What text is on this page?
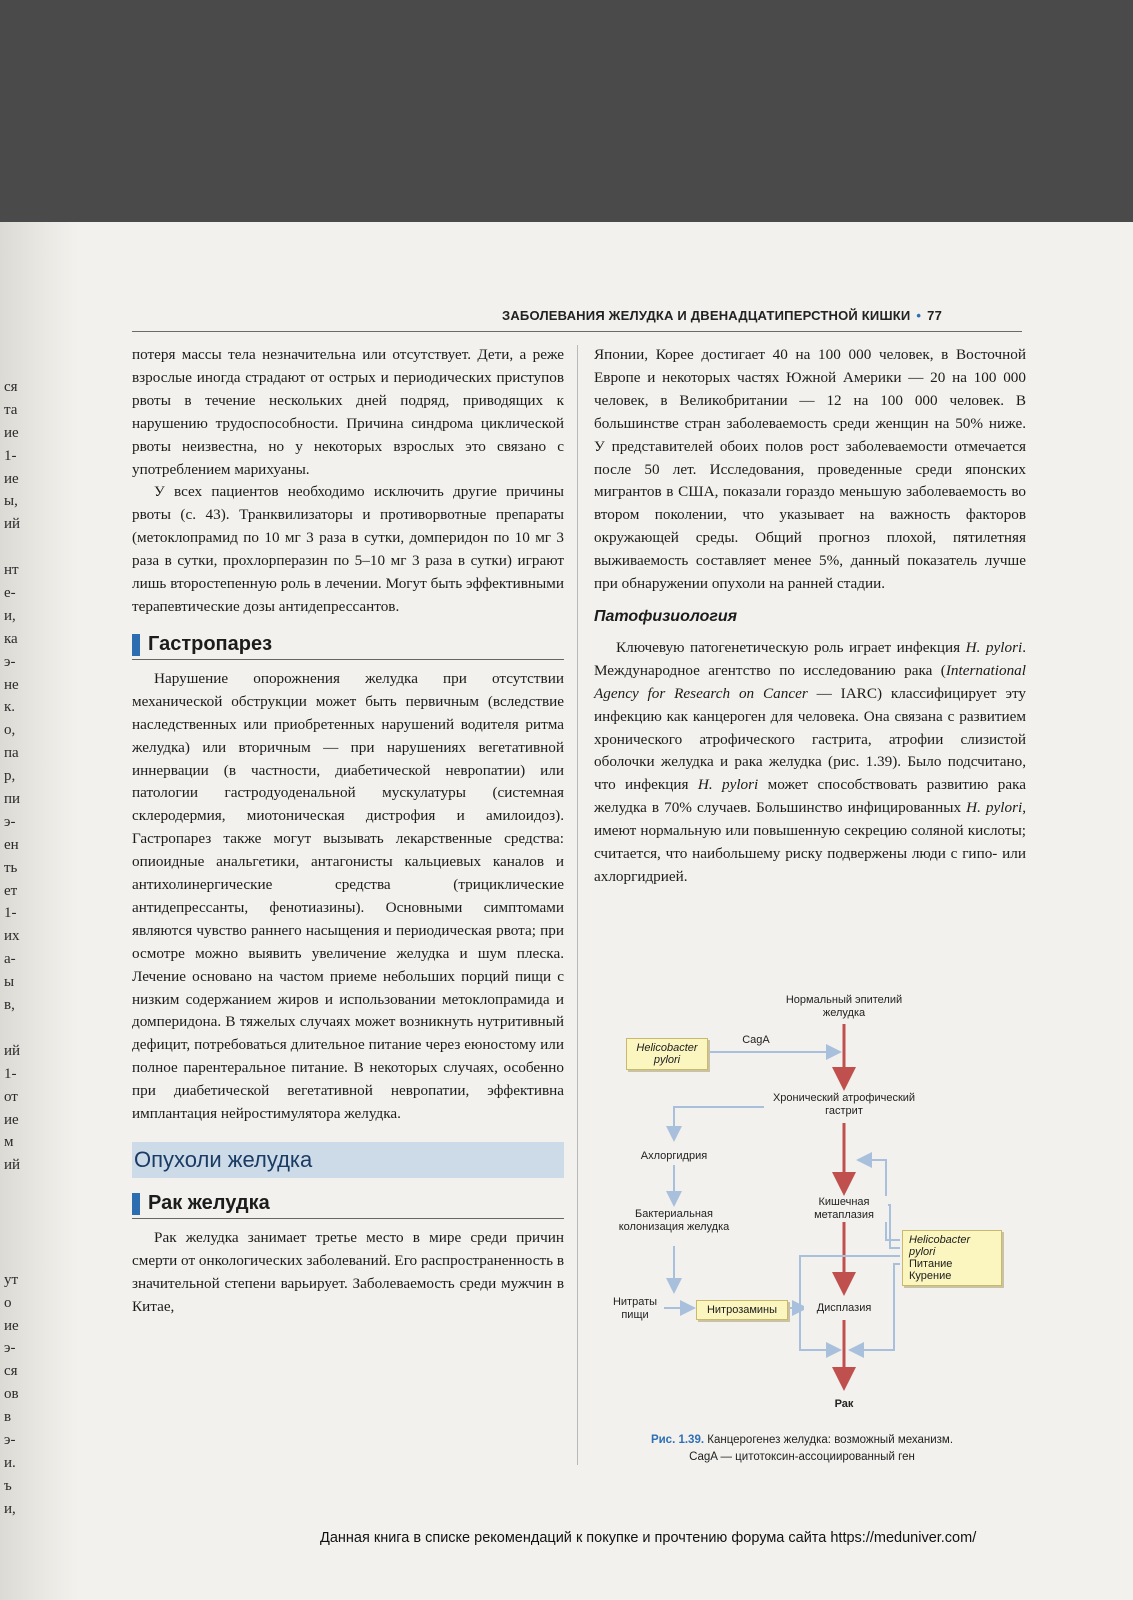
ся
та
ие
1-
ие
ы,
ий
нт
е-
и,
ка
э-
не
к.
о,
па
р,
пи
э-
ен
ть
ет
1-
их
а-
ы
в,
ий
1-
от
ие
м
ий
ут
о
ие
э-
ся
ов
в
э-
и.
ъ
и,
ЗАБОЛЕВАНИЯ ЖЕЛУДКА И ДВЕНАДЦАТИПЕРСТНОЙ КИШКИ • 77

потеря массы тела незначительна или отсутствует. Дети, а реже взрослые иногда страдают от острых и периодических приступов рвоты в течение нескольких дней подряд, приводящих к нарушению трудоспособности. Причина синдрома циклической рвоты неизвестна, но у некоторых взрослых это связано с употреблением марихуаны.

У всех пациентов необходимо исключить другие причины рвоты (с. 43). Транквилизаторы и противорвотные препараты (метоклопрамид по 10 мг 3 раза в сутки, домперидон по 10 мг 3 раза в сутки, прохлорперазин по 5–10 мг 3 раза в сутки) играют лишь второстепенную роль в лечении. Могут быть эффективными терапевтические дозы антидепрессантов.

Гастропарез

Нарушение опорожнения желудка при отсутствии механической обструкции может быть первичным (вследствие наследственных или приобретенных нарушений водителя ритма желудка) или вторичным — при нарушениях вегетативной иннервации (в частности, диабетической невропатии) или патологии гастродуоденальной мускулатуры (системная склеродермия, миотоническая дистрофия и амилоидоз). Гастропарез также могут вызывать лекарственные средства: опиоидные анальгетики, антагонисты кальциевых каналов и антихолинергические средства (трициклические антидепрессанты, фенотиазины). Основными симптомами являются чувство раннего насыщения и периодическая рвота; при осмотре можно выявить увеличение желудка и шум плеска. Лечение основано на частом приеме небольших порций пищи с низким содержанием жиров и использовании метоклопрамида и домперидона. В тяжелых случаях может возникнуть нутритивный дефицит, потребоваться длительное питание через еюностому или полное парентеральное питание. В некоторых случаях, особенно при диабетической вегетативной невропатии, эффективна имплантация нейростимулятора желудка.

Опухоли желудка
Рак желудка

Рак желудка занимает третье место в мире среди причин смерти от онкологических заболеваний. Его распространенность в значительной степени варьирует. Заболеваемость среди мужчин в Китае,

Японии, Корее достигает 40 на 100 000 человек, в Восточной Европе и некоторых частях Южной Америки — 20 на 100 000 человек, в Великобритании — 12 на 100 000 человек. В большинстве стран заболеваемость среди женщин на 50% ниже. У представителей обоих полов рост заболеваемости отмечается после 50 лет. Исследования, проведенные среди японских мигрантов в США, показали гораздо меньшую заболеваемость во втором поколении, что указывает на важность факторов окружающей среды. Общий прогноз плохой, пятилетняя выживаемость составляет менее 5%, данный показатель лучше при обнаружении опухоли на ранней стадии.

Патофизиология

Ключевую патогенетическую роль играет инфекция H. pylori. Международное агентство по исследованию рака (International Agency for Research on Cancer — IARC) классифицирует эту инфекцию как канцероген для человека. Она связана с развитием хронического атрофического гастрита, атрофии слизистой оболочки желудка и рака желудка (рис. 1.39). Было подсчитано, что инфекция H. pylori может способствовать развитию рака желудка в 70% случаев. Большинство инфицированных H. pylori, имеют нормальную или повышенную секрецию соляной кислоты; считается, что наибольшему риску подвержены люди с гипо- или ахлоргидрией.

Нормальный эпителий желудка
Helicobacter pylori
CagA
Хронический атрофический гастрит
Ахлоргидрия
Бактериальная колонизация желудка
Кишечная метаплазия
Helicobacter pylori
Питание
Курение
Нитраты пищи	Нитрозамины	Дисплазия
Рак
Рис. 1.39. Канцерогенез желудка: возможный механизм.
CagA — цитотоксин-ассоциированный ген
Данная книга в списке рекомендаций к покупке и прочтению форума сайта https://meduniver.com/
